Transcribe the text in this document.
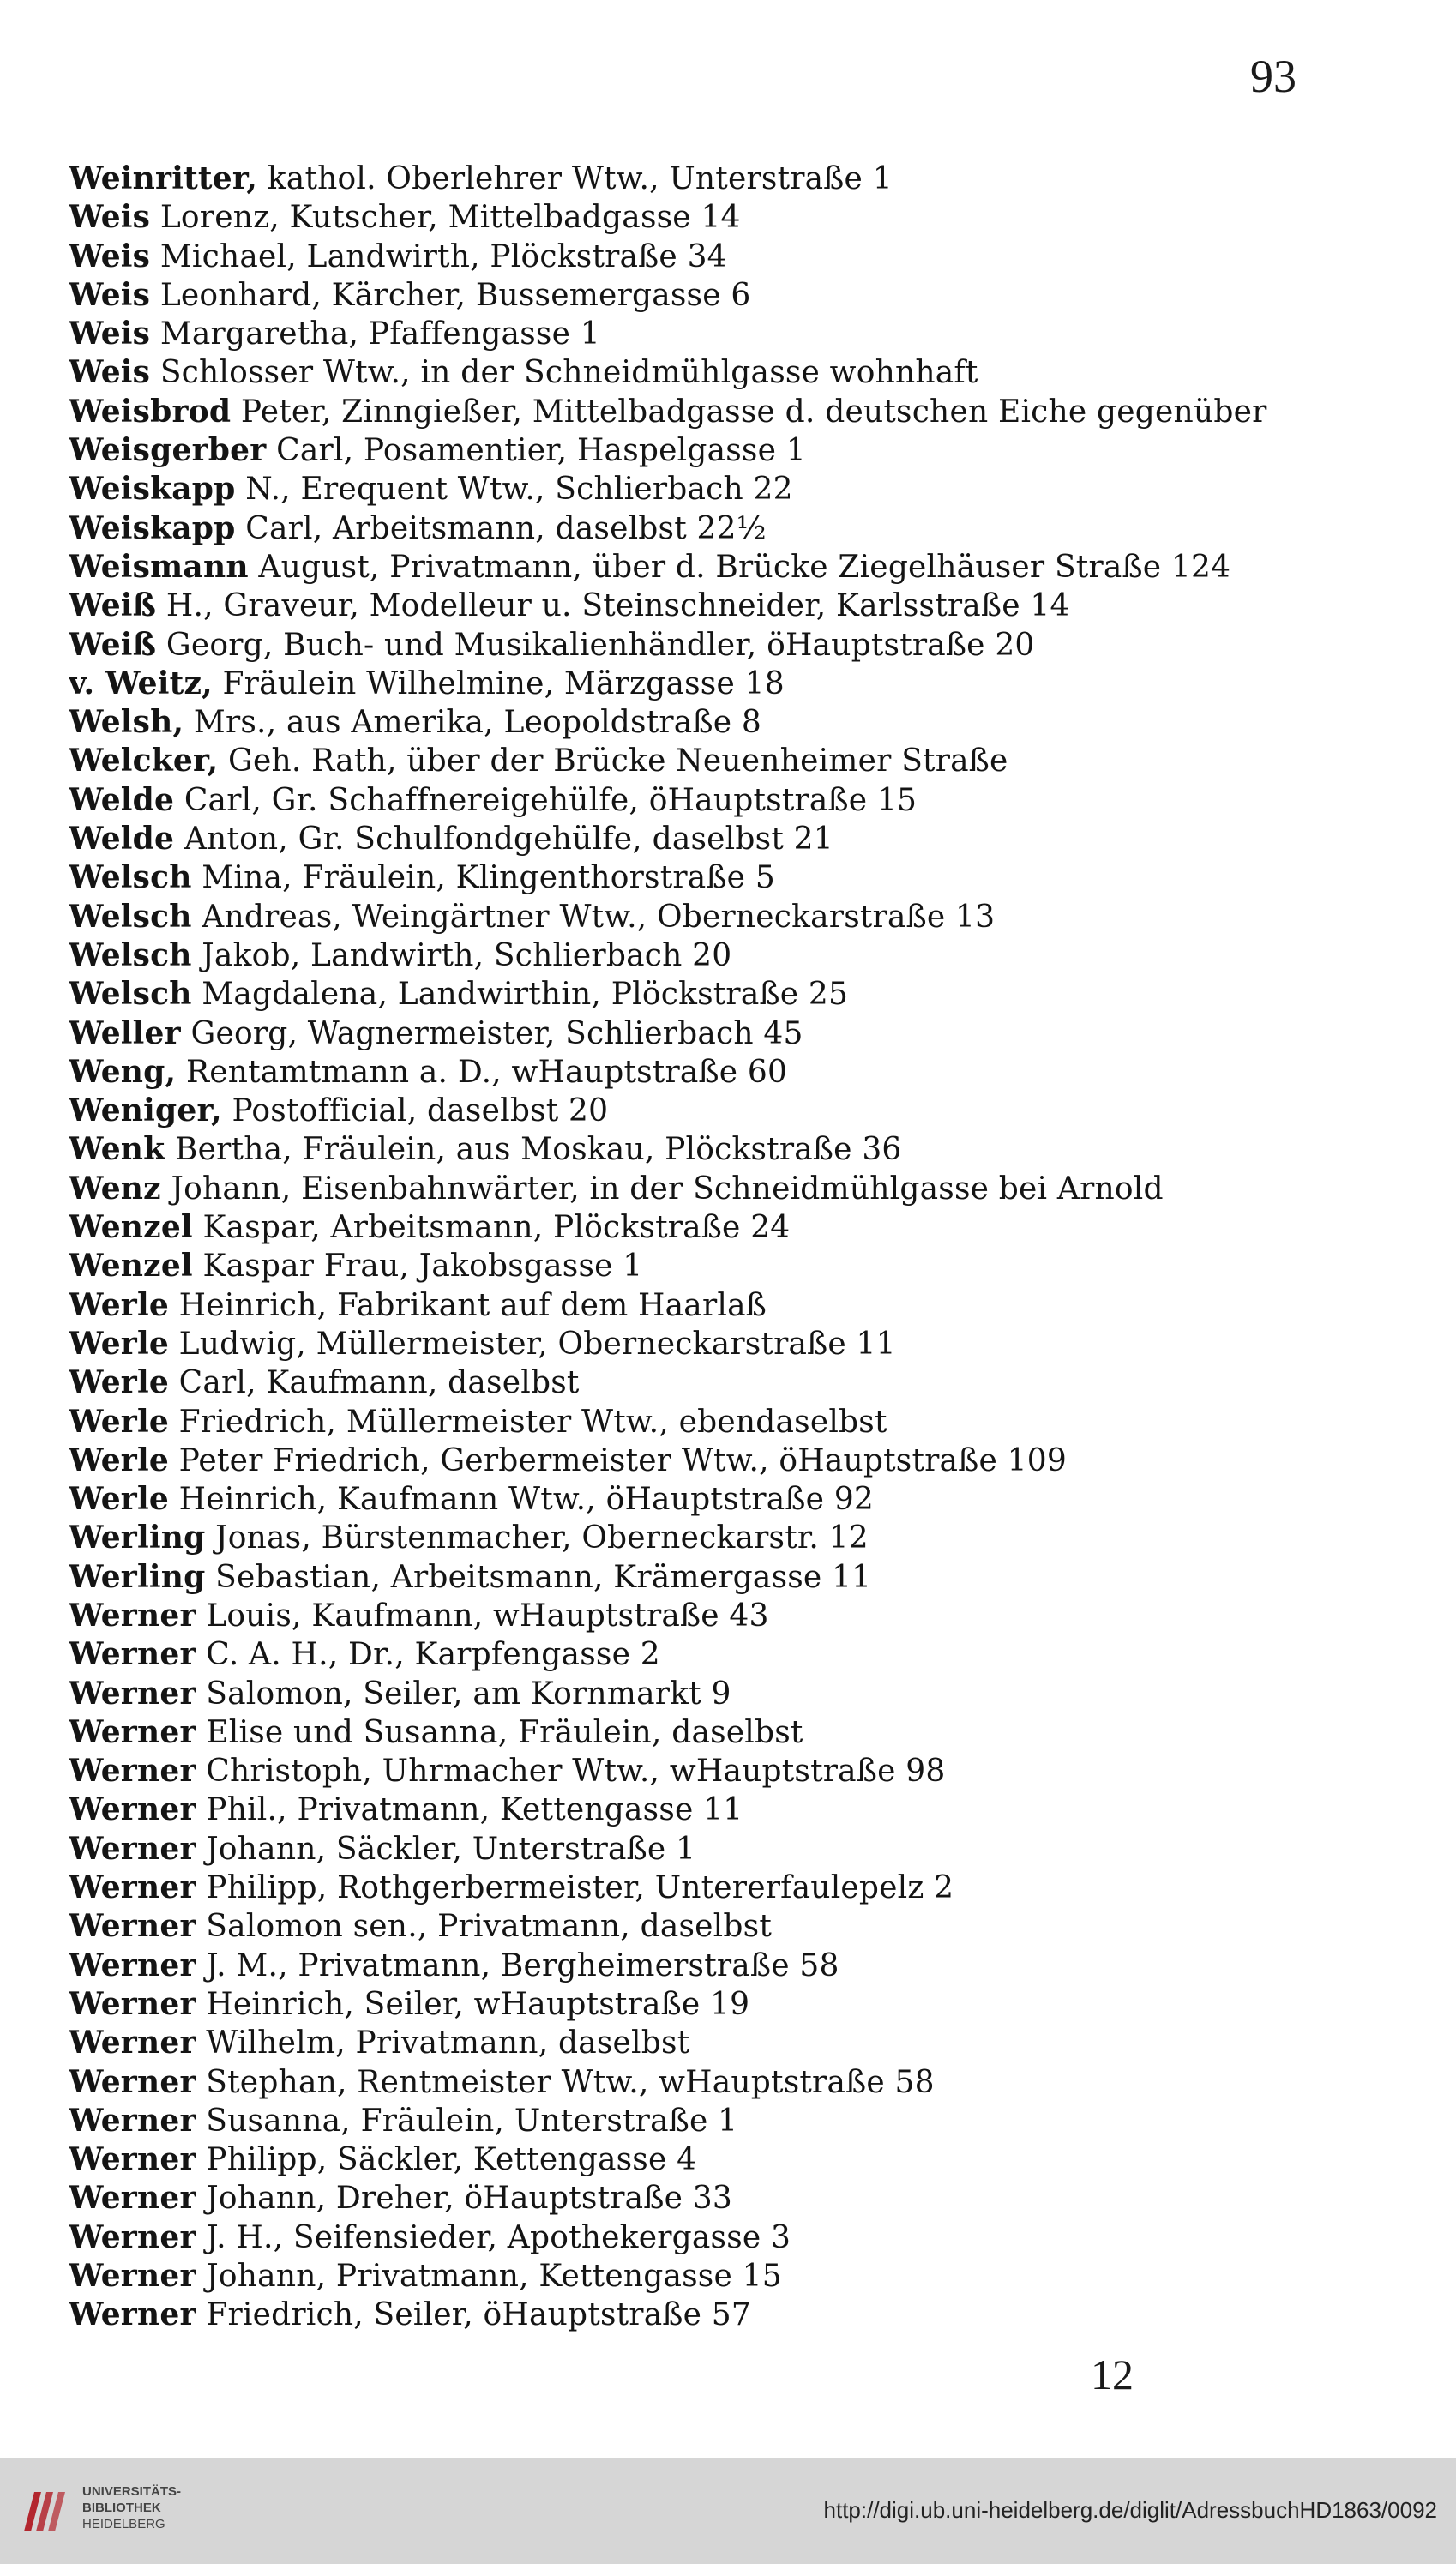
93
Weinritter, kathol. Oberlehrer Wtw., Unterstraße 1
Weis Lorenz, Kutscher, Mittelbadgasse 14
Weis Michael, Landwirth, Plöckstraße 34
Weis Leonhard, Kärcher, Bussemergasse 6
Weis Margaretha, Pfaffengasse 1
Weis Schlosser Wtw., in der Schneidmühlgasse wohnhaft
Weisbrod Peter, Zinngießer, Mittelbadgasse d. deutschen Eiche gegenüber
Weisgerber Carl, Posamentier, Haspelgasse 1
Weiskapp N., Erequent Wtw., Schlierbach 22
Weiskapp Carl, Arbeitsmann, daselbst 22½
Weismann August, Privatmann, über d. Brücke Ziegelhäuser Straße 124
Weiß H., Graveur, Modelleur u. Steinschneider, Karlsstraße 14
Weiß Georg, Buch- und Musikalienhändler, öHauptstraße 20
v. Weitz, Fräulein Wilhelmine, Märzgasse 18
Welsh, Mrs., aus Amerika, Leopoldstraße 8
Welcker, Geh. Rath, über der Brücke Neuenheimer Straße
Welde Carl, Gr. Schaffnereigehülfe, öHauptstraße 15
Welde Anton, Gr. Schulfondgehülfe, daselbst 21
Welsch Mina, Fräulein, Klingenthorstraße 5
Welsch Andreas, Weingärtner Wtw., Oberneckarstraße 13
Welsch Jakob, Landwirth, Schlierbach 20
Welsch Magdalena, Landwirthin, Plöckstraße 25
Weller Georg, Wagnermeister, Schlierbach 45
Weng, Rentamtmann a. D., wHauptstraße 60
Weniger, Postofficial, daselbst 20
Wenk Bertha, Fräulein, aus Moskau, Plöckstraße 36
Wenz Johann, Eisenbahnwärter, in der Schneidmühlgasse bei Arnold
Wenzel Kaspar, Arbeitsmann, Plöckstraße 24
Wenzel Kaspar Frau, Jakobsgasse 1
Werle Heinrich, Fabrikant auf dem Haarlaß
Werle Ludwig, Müllermeister, Oberneckarstraße 11
Werle Carl, Kaufmann, daselbst
Werle Friedrich, Müllermeister Wtw., ebendaselbst
Werle Peter Friedrich, Gerbermeister Wtw., öHauptstraße 109
Werle Heinrich, Kaufmann Wtw., öHauptstraße 92
Werling Jonas, Bürstenmacher, Oberneckarstr. 12
Werling Sebastian, Arbeitsmann, Krämergasse 11
Werner Louis, Kaufmann, wHauptstraße 43
Werner C. A. H., Dr., Karpfengasse 2
Werner Salomon, Seiler, am Kornmarkt 9
Werner Elise und Susanna, Fräulein, daselbst
Werner Christoph, Uhrmacher Wtw., wHauptstraße 98
Werner Phil., Privatmann, Kettengasse 11
Werner Johann, Säckler, Unterstraße 1
Werner Philipp, Rothgerbermeister, Untererfaulepelz 2
Werner Salomon sen., Privatmann, daselbst
Werner J. M., Privatmann, Bergheimerstraße 58
Werner Heinrich, Seiler, wHauptstraße 19
Werner Wilhelm, Privatmann, daselbst
Werner Stephan, Rentmeister Wtw., wHauptstraße 58
Werner Susanna, Fräulein, Unterstraße 1
Werner Philipp, Säckler, Kettengasse 4
Werner Johann, Dreher, öHauptstraße 33
Werner J. H., Seifensieder, Apothekergasse 3
Werner Johann, Privatmann, Kettengasse 15
Werner Friedrich, Seiler, öHauptstraße 57
12
UNIVERSITÄTS-
BIBLIOTHEK
HEIDELBERG
http://digi.ub.uni-heidelberg.de/diglit/AdressbuchHD1863/0092
